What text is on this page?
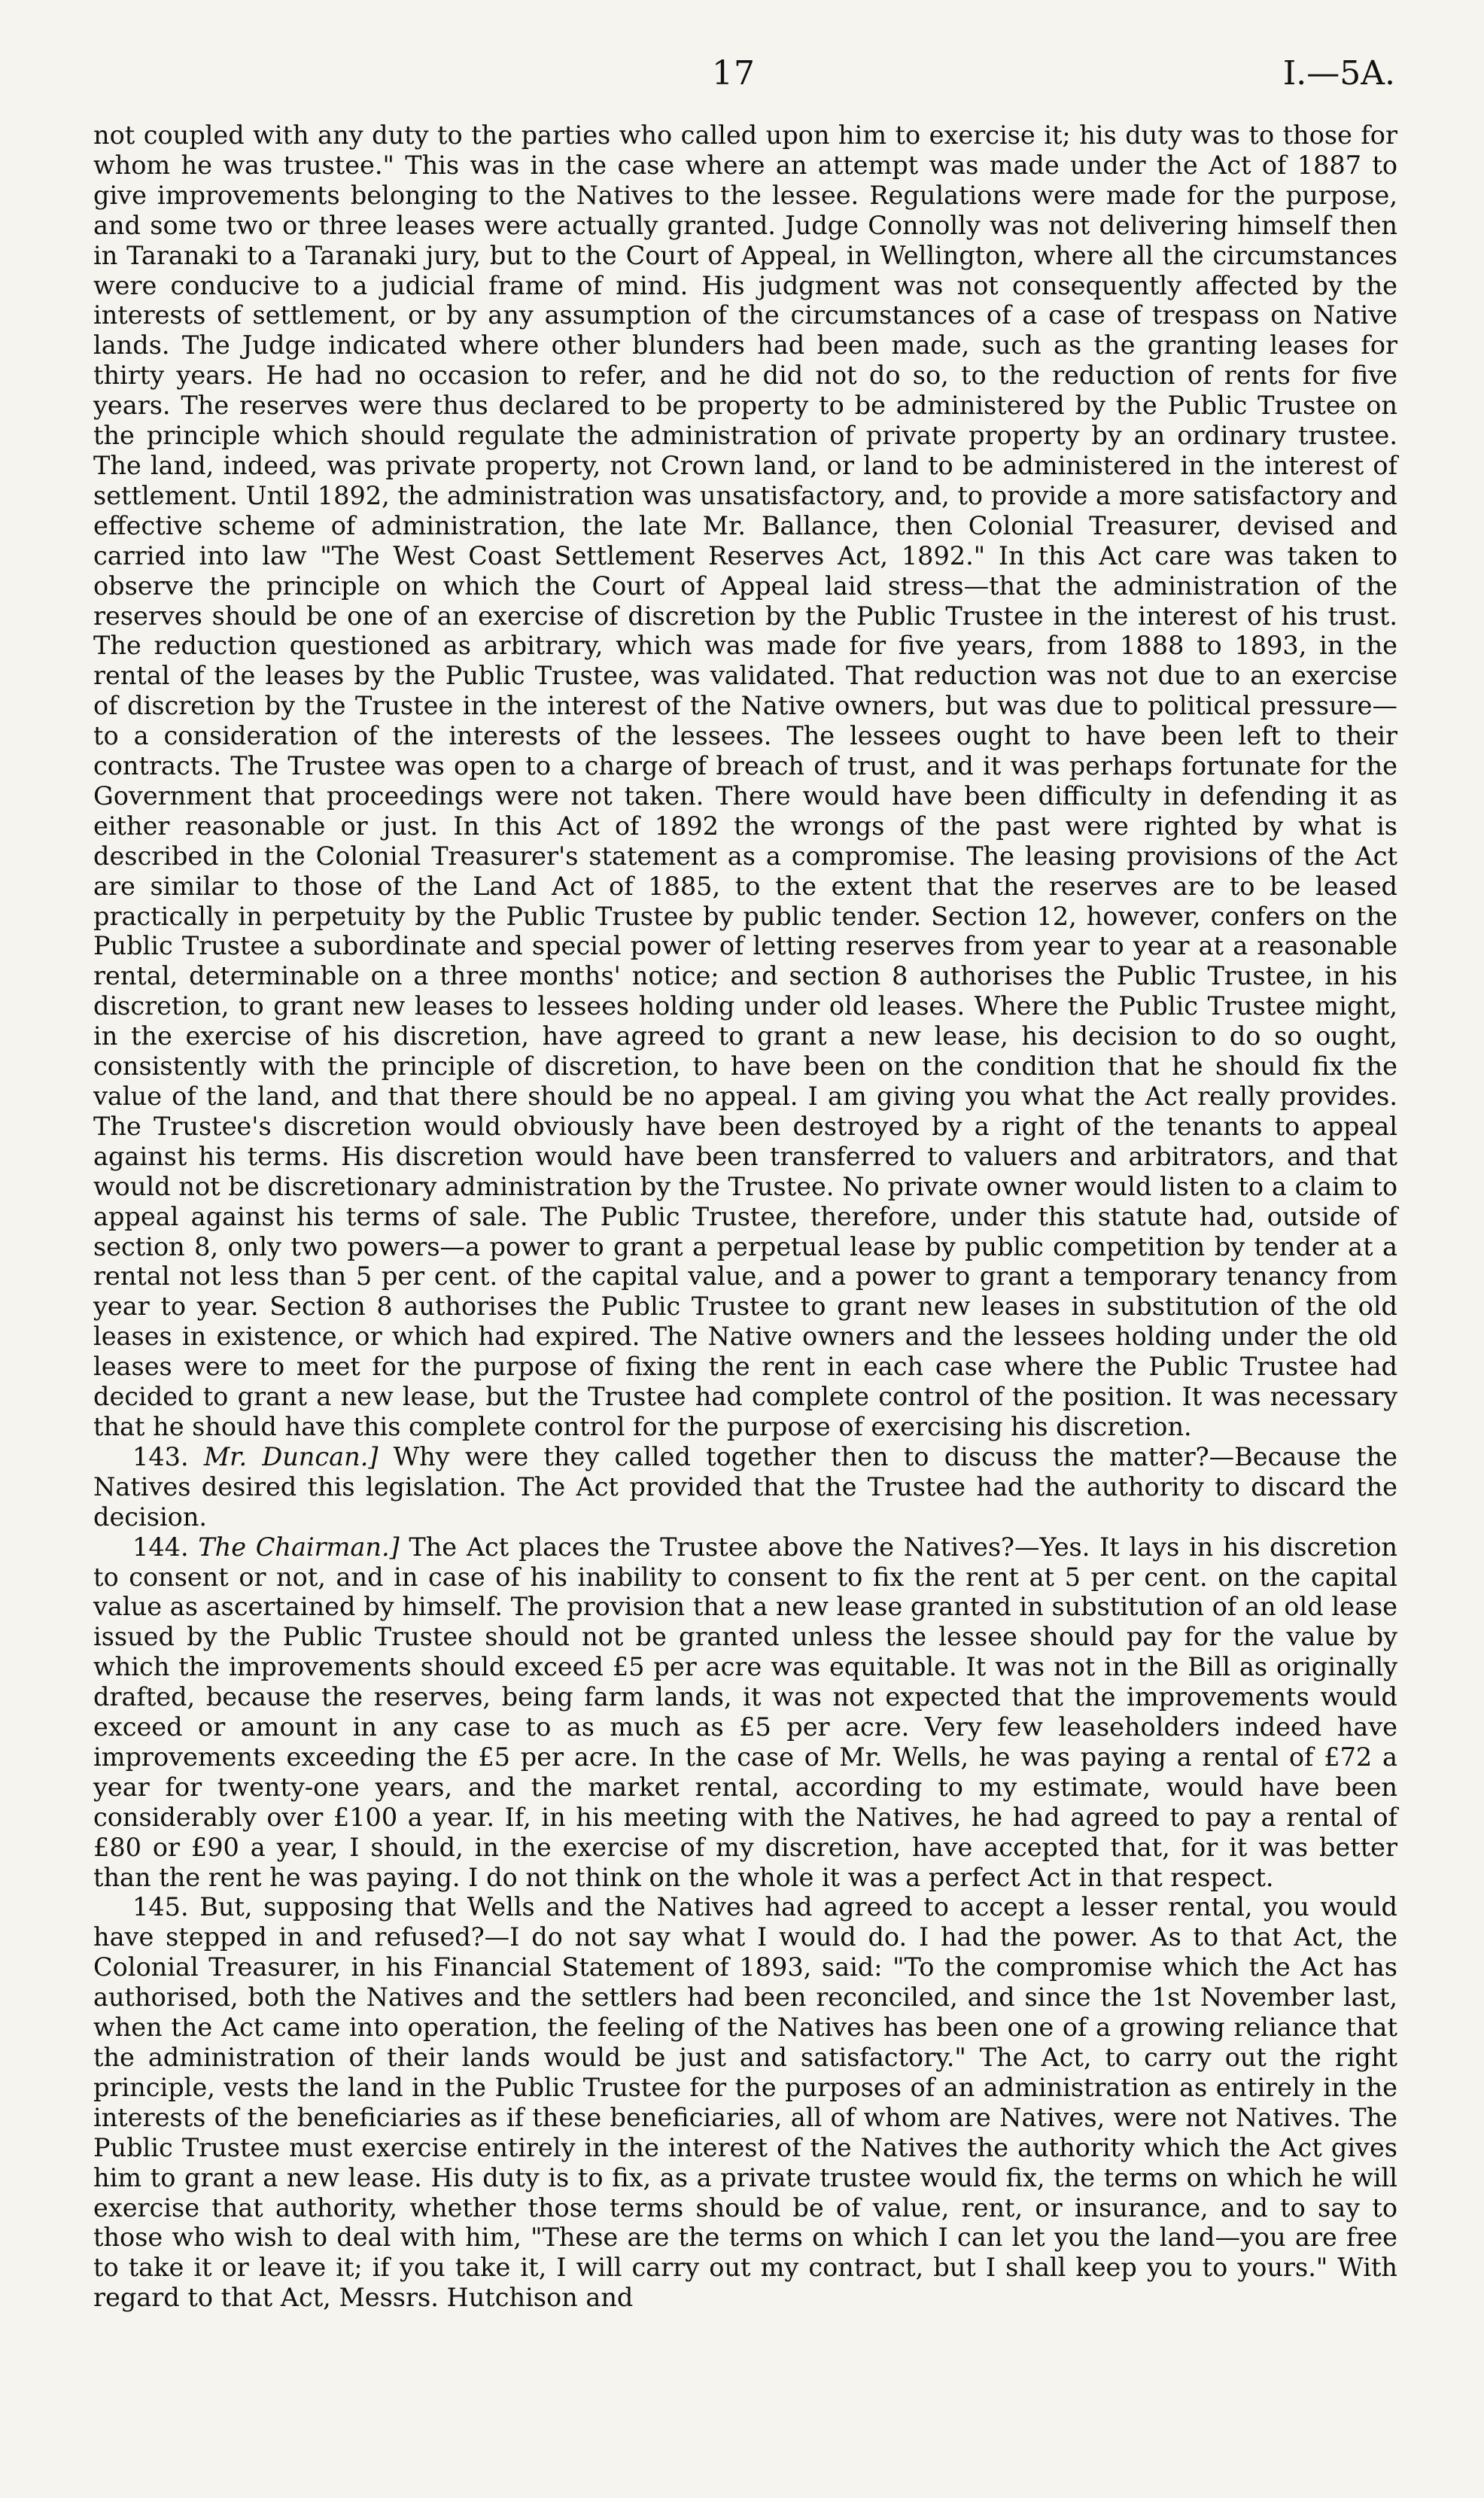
17	I.—5A.

not coupled with any duty to the parties who called upon him to exercise it; his duty was to those for whom he was trustee." This was in the case where an attempt was made under the Act of 1887 to give improvements belonging to the Natives to the lessee. Regulations were made for the purpose, and some two or three leases were actually granted. Judge Connolly was not delivering himself then in Taranaki to a Taranaki jury, but to the Court of Appeal, in Wellington, where all the circumstances were conducive to a judicial frame of mind. His judgment was not consequently affected by the interests of settlement, or by any assumption of the circumstances of a case of trespass on Native lands. The Judge indicated where other blunders had been made, such as the granting leases for thirty years. He had no occasion to refer, and he did not do so, to the reduction of rents for five years. The reserves were thus declared to be property to be administered by the Public Trustee on the principle which should regulate the administration of private property by an ordinary trustee. The land, indeed, was private property, not Crown land, or land to be administered in the interest of settlement. Until 1892, the administration was unsatisfactory, and, to provide a more satisfactory and effective scheme of administration, the late Mr. Ballance, then Colonial Treasurer, devised and carried into law "The West Coast Settlement Reserves Act, 1892." In this Act care was taken to observe the principle on which the Court of Appeal laid stress—that the administration of the reserves should be one of an exercise of discretion by the Public Trustee in the interest of his trust. The reduction questioned as arbitrary, which was made for five years, from 1888 to 1893, in the rental of the leases by the Public Trustee, was validated. That reduction was not due to an exercise of discretion by the Trustee in the interest of the Native owners, but was due to political pressure—to a consideration of the interests of the lessees. The lessees ought to have been left to their contracts. The Trustee was open to a charge of breach of trust, and it was perhaps fortunate for the Government that proceedings were not taken. There would have been difficulty in defending it as either reasonable or just. In this Act of 1892 the wrongs of the past were righted by what is described in the Colonial Treasurer's statement as a compromise. The leasing provisions of the Act are similar to those of the Land Act of 1885, to the extent that the reserves are to be leased practically in perpetuity by the Public Trustee by public tender. Section 12, however, confers on the Public Trustee a subordinate and special power of letting reserves from year to year at a reasonable rental, determinable on a three months' notice; and section 8 authorises the Public Trustee, in his discretion, to grant new leases to lessees holding under old leases. Where the Public Trustee might, in the exercise of his discretion, have agreed to grant a new lease, his decision to do so ought, consistently with the principle of discretion, to have been on the condition that he should fix the value of the land, and that there should be no appeal. I am giving you what the Act really provides. The Trustee's discretion would obviously have been destroyed by a right of the tenants to appeal against his terms. His discretion would have been transferred to valuers and arbitrators, and that would not be discretionary administration by the Trustee. No private owner would listen to a claim to appeal against his terms of sale. The Public Trustee, therefore, under this statute had, outside of section 8, only two powers—a power to grant a perpetual lease by public competition by tender at a rental not less than 5 per cent. of the capital value, and a power to grant a temporary tenancy from year to year. Section 8 authorises the Public Trustee to grant new leases in substitution of the old leases in existence, or which had expired. The Native owners and the lessees holding under the old leases were to meet for the purpose of fixing the rent in each case where the Public Trustee had decided to grant a new lease, but the Trustee had complete control of the position. It was necessary that he should have this complete control for the purpose of exercising his discretion.

143. Mr. Duncan.] Why were they called together then to discuss the matter?—Because the Natives desired this legislation. The Act provided that the Trustee had the authority to discard the decision.

144. The Chairman.] The Act places the Trustee above the Natives?—Yes. It lays in his discretion to consent or not, and in case of his inability to consent to fix the rent at 5 per cent. on the capital value as ascertained by himself. The provision that a new lease granted in substitution of an old lease issued by the Public Trustee should not be granted unless the lessee should pay for the value by which the improvements should exceed £5 per acre was equitable. It was not in the Bill as originally drafted, because the reserves, being farm lands, it was not expected that the improvements would exceed or amount in any case to as much as £5 per acre. Very few leaseholders indeed have improvements exceeding the £5 per acre. In the case of Mr. Wells, he was paying a rental of £72 a year for twenty-one years, and the market rental, according to my estimate, would have been considerably over £100 a year. If, in his meeting with the Natives, he had agreed to pay a rental of £80 or £90 a year, I should, in the exercise of my discretion, have accepted that, for it was better than the rent he was paying. I do not think on the whole it was a perfect Act in that respect.

145. But, supposing that Wells and the Natives had agreed to accept a lesser rental, you would have stepped in and refused?—I do not say what I would do. I had the power. As to that Act, the Colonial Treasurer, in his Financial Statement of 1893, said: "To the compromise which the Act has authorised, both the Natives and the settlers had been reconciled, and since the 1st November last, when the Act came into operation, the feeling of the Natives has been one of a growing reliance that the administration of their lands would be just and satisfactory." The Act, to carry out the right principle, vests the land in the Public Trustee for the purposes of an administration as entirely in the interests of the beneficiaries as if these beneficiaries, all of whom are Natives, were not Natives. The Public Trustee must exercise entirely in the interest of the Natives the authority which the Act gives him to grant a new lease. His duty is to fix, as a private trustee would fix, the terms on which he will exercise that authority, whether those terms should be of value, rent, or insurance, and to say to those who wish to deal with him, "These are the terms on which I can let you the land—you are free to take it or leave it; if you take it, I will carry out my contract, but I shall keep you to yours." With regard to that Act, Messrs. Hutchison and
